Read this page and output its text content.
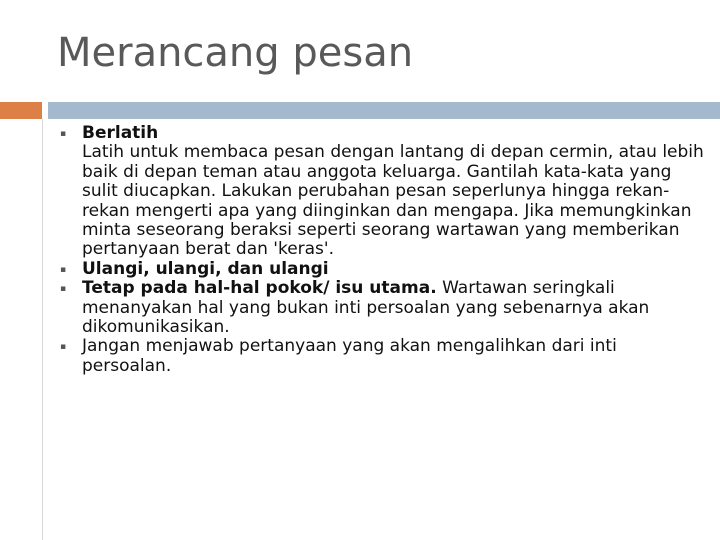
Merancang pesan
▪ Berlatih
Latih untuk membaca pesan dengan lantang di depan cermin, atau lebih baik di depan teman atau anggota keluarga. Gantilah kata-kata yang sulit diucapkan. Lakukan perubahan pesan seperlunya hingga rekan-rekan mengerti apa yang diinginkan dan mengapa. Jika memungkinkan minta seseorang beraksi seperti seorang wartawan yang memberikan pertanyaan berat dan 'keras'.
▪ Ulangi, ulangi, dan ulangi
▪ Tetap pada hal-hal pokok/ isu utama. Wartawan seringkali menanyakan hal yang bukan inti persoalan yang sebenarnya akan dikomunikasikan.
▪ Jangan menjawab pertanyaan yang akan mengalihkan dari inti persoalan.
